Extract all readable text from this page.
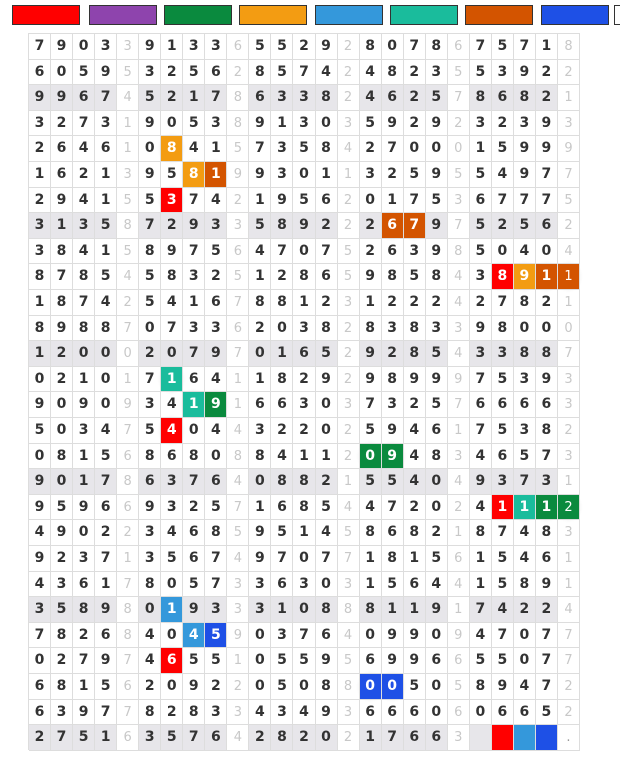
7 9 0 3	3 9 1 3 3	6 5 5 2 9	2 8 0 7 8	6 7 5 7 1	8
6 0 5 9	5 3 2 5 6	2 8 5 7 4	2 4 8 2 3	5 5 3 9 2	2
9 9 6 7	4 5 2 1 7	8 6 3 3 8	2 4 6 2 5	7 8 6 8 2	1
3 2 7 3	1 9 0 5 3	8 9 1 3 0	3 5 9 2 9	2 3 2 3 9	3
2 6 4 6	1 0 8 4 1	5 7 3 5 8	4 2 7 0 0	0 1 5 9 9	9
1 6 2 1	3 9 5 8 1	9 9 3 0 1	1 3 2 5 9	5 5 4 9 7	7
2 9 4 1	5 5 3 7 4	2 1 9 5 6	2 0 1 7 5	3 6 7 7 7	5
3 1 3 5	8 7 2 9 3	3 5 8 9 2	2 2 6 7 9	7 5 2 5 6	2
3 8 4 1	5 8 9 7 5	6 4 7 0 7	5 2 6 3 9	8 5 0 4 0	4
8 7 8 5	4 5 8 3 2	5 1 2 8 6	5 9 8 5 8	4 3 8 9 1	1
1 8 7 4	2 5 4 1 6	7 8 8 1 2	3 1 2 2 2	4 2 7 8 2	1
8 9 8 8	7 0 7 3 3	6 2 0 3 8	2 8 3 8 3	3 9 8 0 0	0
1 2 0 0	0 2 0 7 9	7 0 1 6 5	2 9 2 8 5	4 3 3 8 8	7
0 2 1 0	1 7 1 6 4	1 1 8 2 9	2 9 8 9 9	9 7 5 3 9	3
9 0 9 0	9 3 4 1 9	1 6 6 3 0	3 7 3 2 5	7 6 6 6 6	3
5 0 3 4	7 5 4 0 4	4 3 2 2 0	2 5 9 4 6	1 7 5 3 8	2
0 8 1 5	6 8 6 8 0	8 8 4 1 1	2 0 9 4 8	3 4 6 5 7	3
9 0 1 7	8 6 3 7 6	4 0 8 8 2	1 5 5 4 0	4 9 3 7 3	1
9 5 9 6	6 9 3 2 5	7 1 6 8 5	4 4 7 2 0	2 4 1 1 1	2
4 9 0 2	2 3 4 6 8	5 9 5 1 4	5 8 6 8 2	1 8 7 4 8	3
9 2 3 7	1 3 5 6 7	4 9 7 0 7	7 1 8 1 5	6 1 5 4 6	1
4 3 6 1	7 8 0 5 7	3 3 6 3 0	3 1 5 6 4	4 1 5 8 9	1
3 5 8 9	8 0 1 9 3	3 3 1 0 8	8 8 1 1 9	1 7 4 2 2	4
7 8 2 6	8 4 0 4 5	9 0 3 7 6	4 0 9 9 0	9 4 7 0 7	7
0 2 7 9	7 4 6 5 5	1 0 5 5 9	5 6 9 9 6	6 5 5 0 7	7
6 8 1 5	6 2 0 9 2	2 0 5 0 8	8 0 0 5 0	5 8 9 4 7	2
6 3 9 7	7 8 2 8 3	3 4 3 4 9	3 6 6 6 0	6 0 6 6 5	2
2 7 5 1	6 3 5 7 6	4 2 8 2 0	2 1 7 6 6	3	.
